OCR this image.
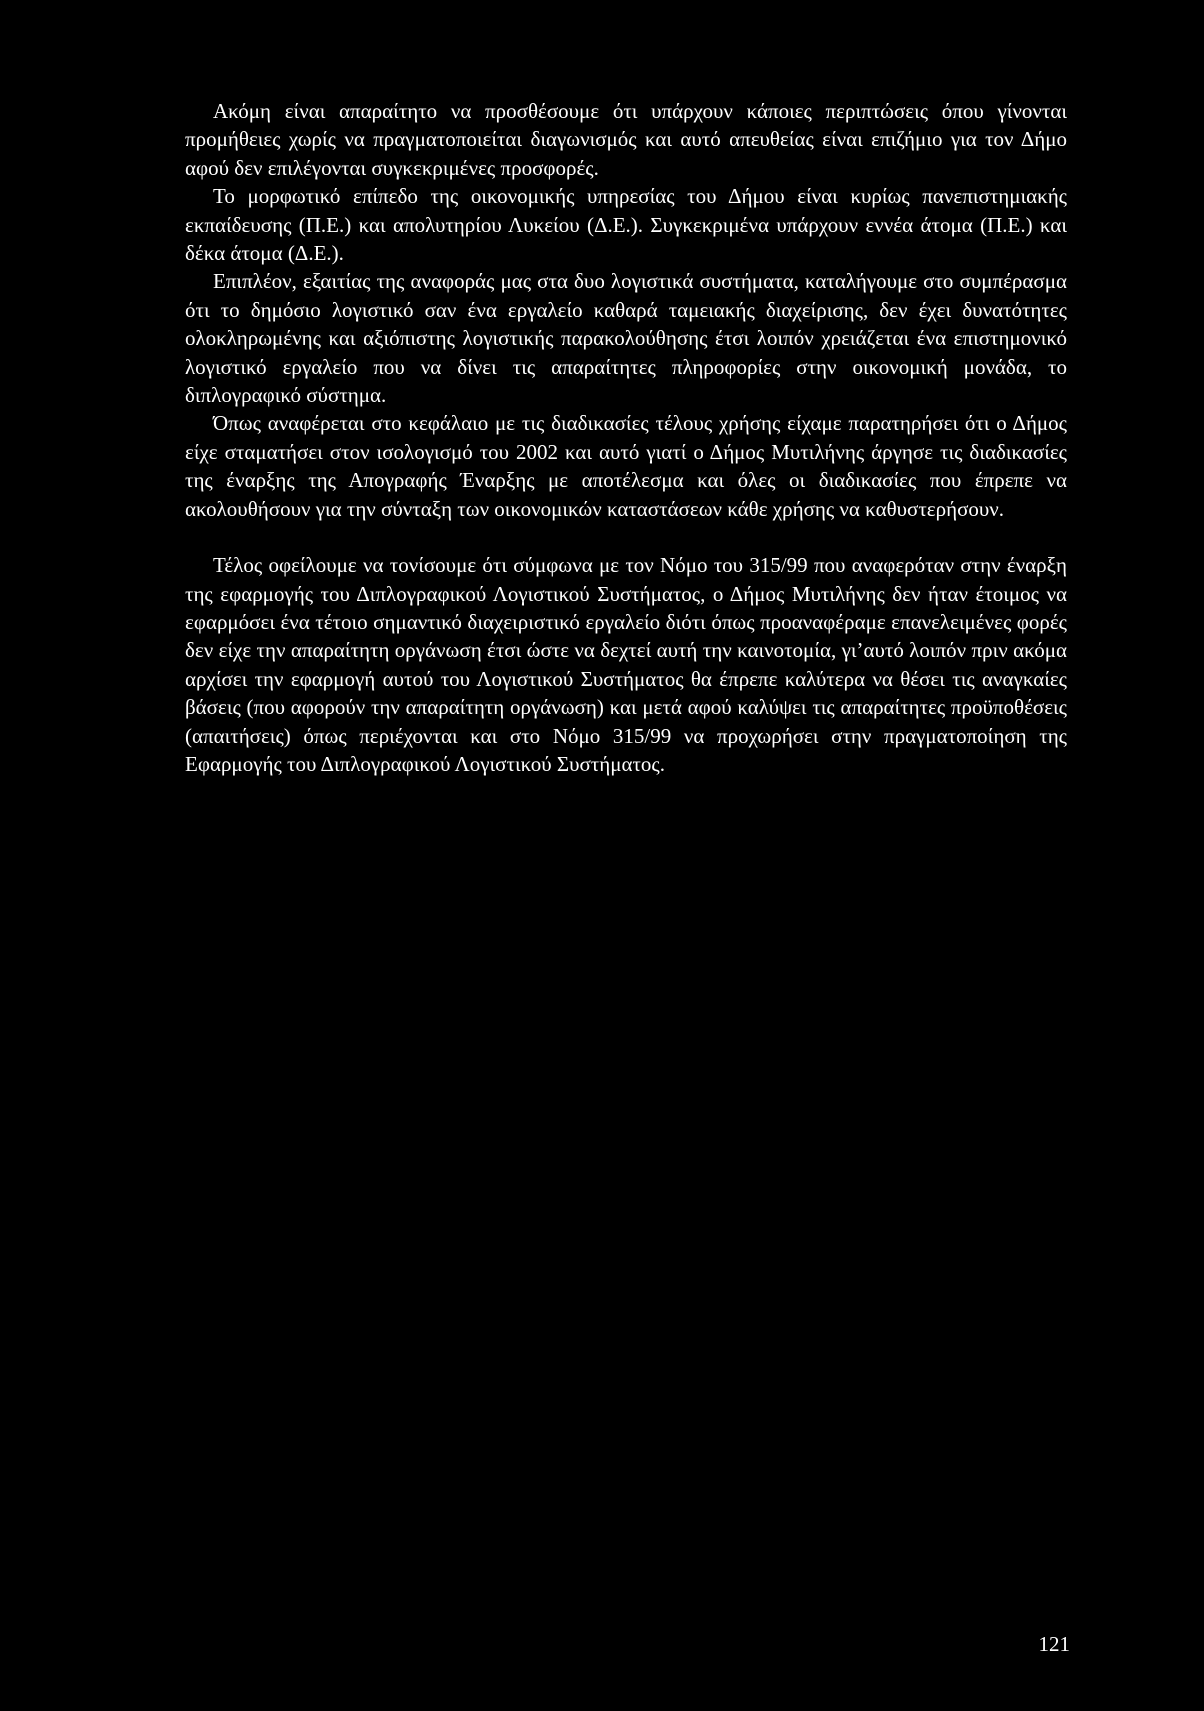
Ακόμη είναι απαραίτητο να προσθέσουμε ότι υπάρχουν κάποιες περιπτώσεις όπου γίνονται προμήθειες χωρίς να πραγματοποιείται διαγωνισμός και αυτό απευθείας είναι επιζήμιο για τον Δήμο αφού δεν επιλέγονται συγκεκριμένες προσφορές.

Το μορφωτικό επίπεδο της οικονομικής υπηρεσίας του Δήμου είναι κυρίως πανεπιστημιακής εκπαίδευσης (Π.Ε.) και απολυτηρίου Λυκείου (Δ.Ε.). Συγκεκριμένα υπάρχουν εννέα άτομα (Π.Ε.) και δέκα άτομα (Δ.Ε.).

Επιπλέον, εξαιτίας της αναφοράς μας στα δυο λογιστικά συστήματα, καταλήγουμε στο συμπέρασμα ότι το δημόσιο λογιστικό σαν ένα εργαλείο καθαρά ταμειακής διαχείρισης, δεν έχει δυνατότητες ολοκληρωμένης και αξιόπιστης λογιστικής παρακολούθησης έτσι λοιπόν χρειάζεται ένα επιστημονικό λογιστικό εργαλείο που να δίνει τις απαραίτητες πληροφορίες στην οικονομική μονάδα, το διπλογραφικό σύστημα.

Όπως αναφέρεται στο κεφάλαιο με τις διαδικασίες τέλους χρήσης είχαμε παρατηρήσει ότι ο Δήμος είχε σταματήσει στον ισολογισμό του 2002 και αυτό γιατί ο Δήμος Μυτιλήνης άργησε τις διαδικασίες της έναρξης της Απογραφής Έναρξης με αποτέλεσμα και όλες οι διαδικασίες που έπρεπε να ακολουθήσουν για την σύνταξη των οικονομικών καταστάσεων κάθε χρήσης να καθυστερήσουν.

Τέλος οφείλουμε να τονίσουμε ότι σύμφωνα με τον Νόμο του 315/99 που αναφερόταν στην έναρξη της εφαρμογής του Διπλογραφικού Λογιστικού Συστήματος, ο Δήμος Μυτιλήνης δεν ήταν έτοιμος να εφαρμόσει ένα τέτοιο σημαντικό διαχειριστικό εργαλείο διότι όπως προαναφέραμε επανελειμένες φορές δεν είχε την απαραίτητη οργάνωση έτσι ώστε να δεχτεί αυτή την καινοτομία, γι’αυτό λοιπόν πριν ακόμα αρχίσει την εφαρμογή αυτού του Λογιστικού Συστήματος θα έπρεπε καλύτερα να θέσει τις αναγκαίες βάσεις (που αφορούν την απαραίτητη οργάνωση) και μετά αφού καλύψει τις απαραίτητες προϋποθέσεις (απαιτήσεις) όπως περιέχονται και στο Νόμο 315/99 να προχωρήσει στην πραγματοποίηση της Εφαρμογής του Διπλογραφικού Λογιστικού Συστήματος.

121
